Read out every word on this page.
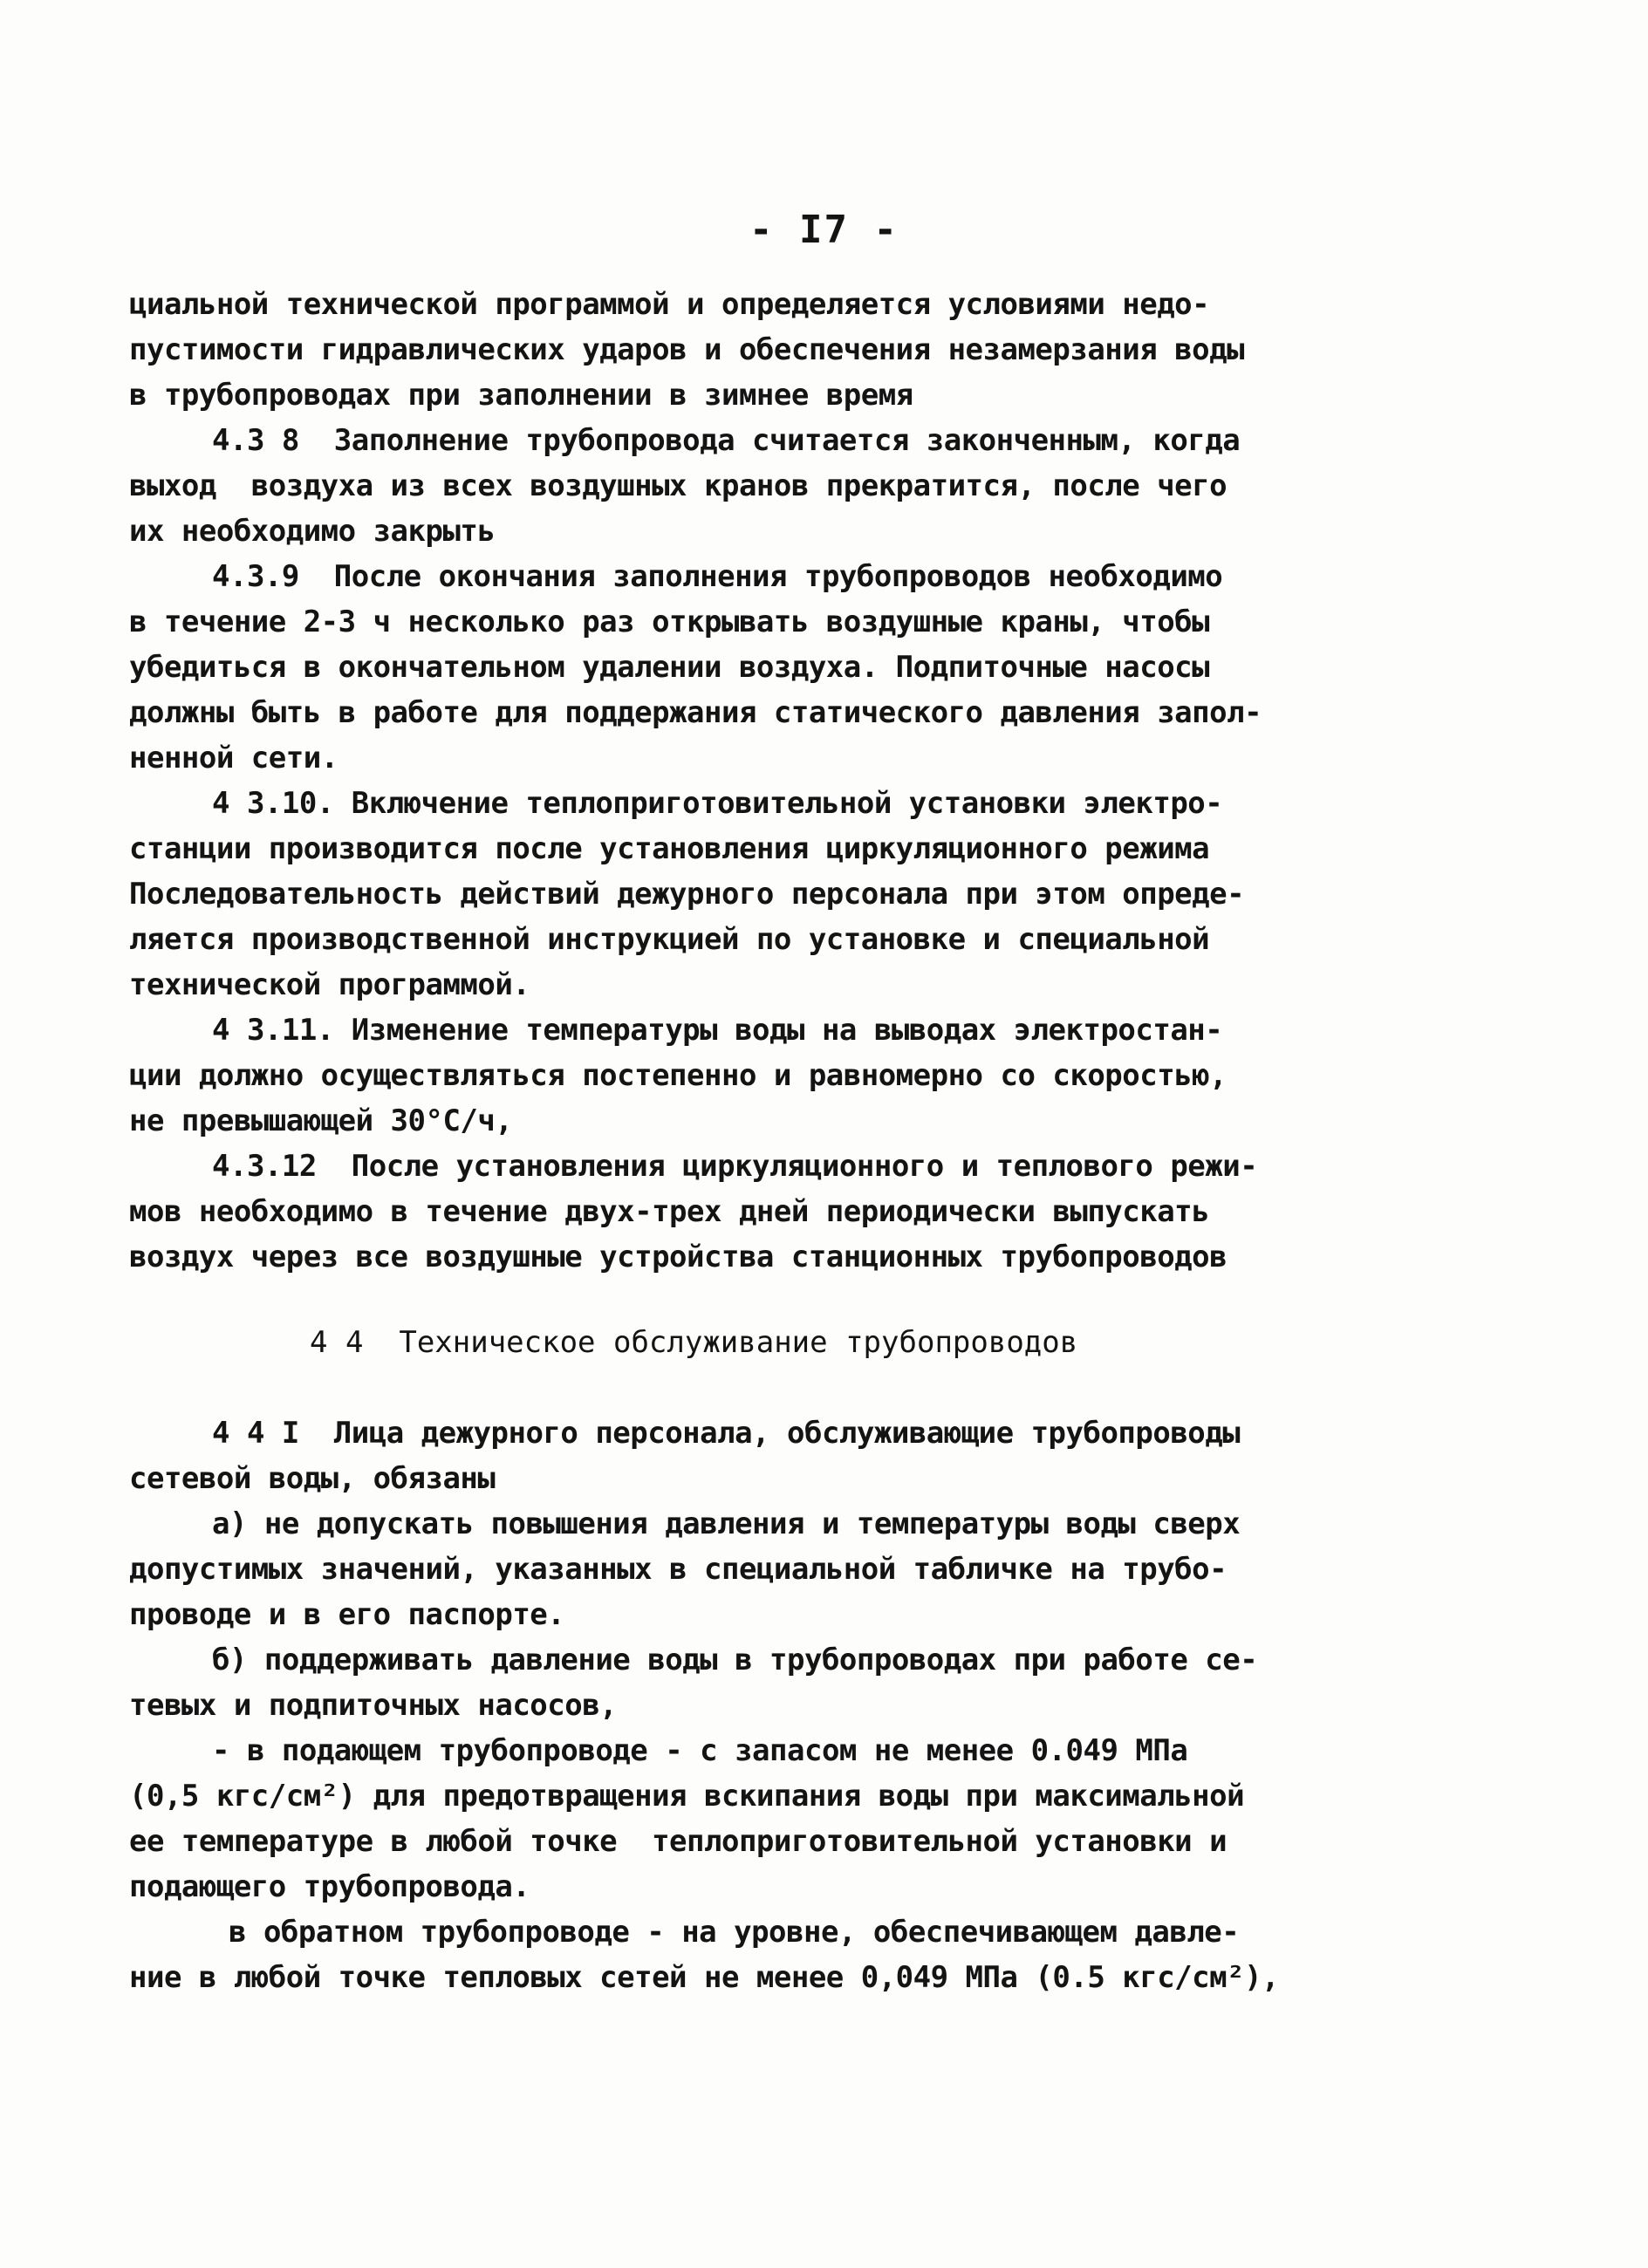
- I7 -
циальной технической программой и определяется условиями недо-
пустимости гидравлических ударов и обеспечения незамерзания воды
в трубопроводах при заполнении в зимнее время
4.3 8  Заполнение трубопровода считается законченным, когда
выход  воздуха из всех воздушных кранов прекратится, после чего
их необходимо закрыть
4.3.9  После окончания заполнения трубопроводов необходимо
в течение 2-3 ч несколько раз открывать воздушные краны, чтобы
убедиться в окончательном удалении воздуха. Подпиточные насосы
должны быть в работе для поддержания статического давления запол-
ненной сети.
4 3.10. Включение теплоприготовительной установки электро-
станции производится после установления циркуляционного режима
Последовательность действий дежурного персонала при этом опреде-
ляется производственной инструкцией по установке и специальной
технической программой.
4 3.11. Изменение температуры воды на выводах электростан-
ции должно осуществляться постепенно и равномерно со скоростью,
не превышающей 30°С/ч,
4.3.12  После установления циркуляционного и теплового режи-
мов необходимо в течение двух-трех дней периодически выпускать
воздух через все воздушные устройства станционных трубопроводов
4 4  Техническое обслуживание трубопроводов
4 4 I  Лица дежурного персонала, обслуживающие трубопроводы
сетевой воды, обязаны
а) не допускать повышения давления и температуры воды сверх
допустимых значений, указанных в специальной табличке на трубо-
проводе и в его паспорте.
б) поддерживать давление воды в трубопроводах при работе се-
тевых и подпиточных насосов,
- в подающем трубопроводе - с запасом не менее 0.049 МПа
(0,5 кгс/см²) для предотвращения вскипания воды при максимальной
ее температуре в любой точке  теплоприготовительной установки и
подающего трубопровода.
в обратном трубопроводе - на уровне, обеспечивающем давле-
ние в любой точке тепловых сетей не менее 0,049 МПа (0.5 кгс/см²),
